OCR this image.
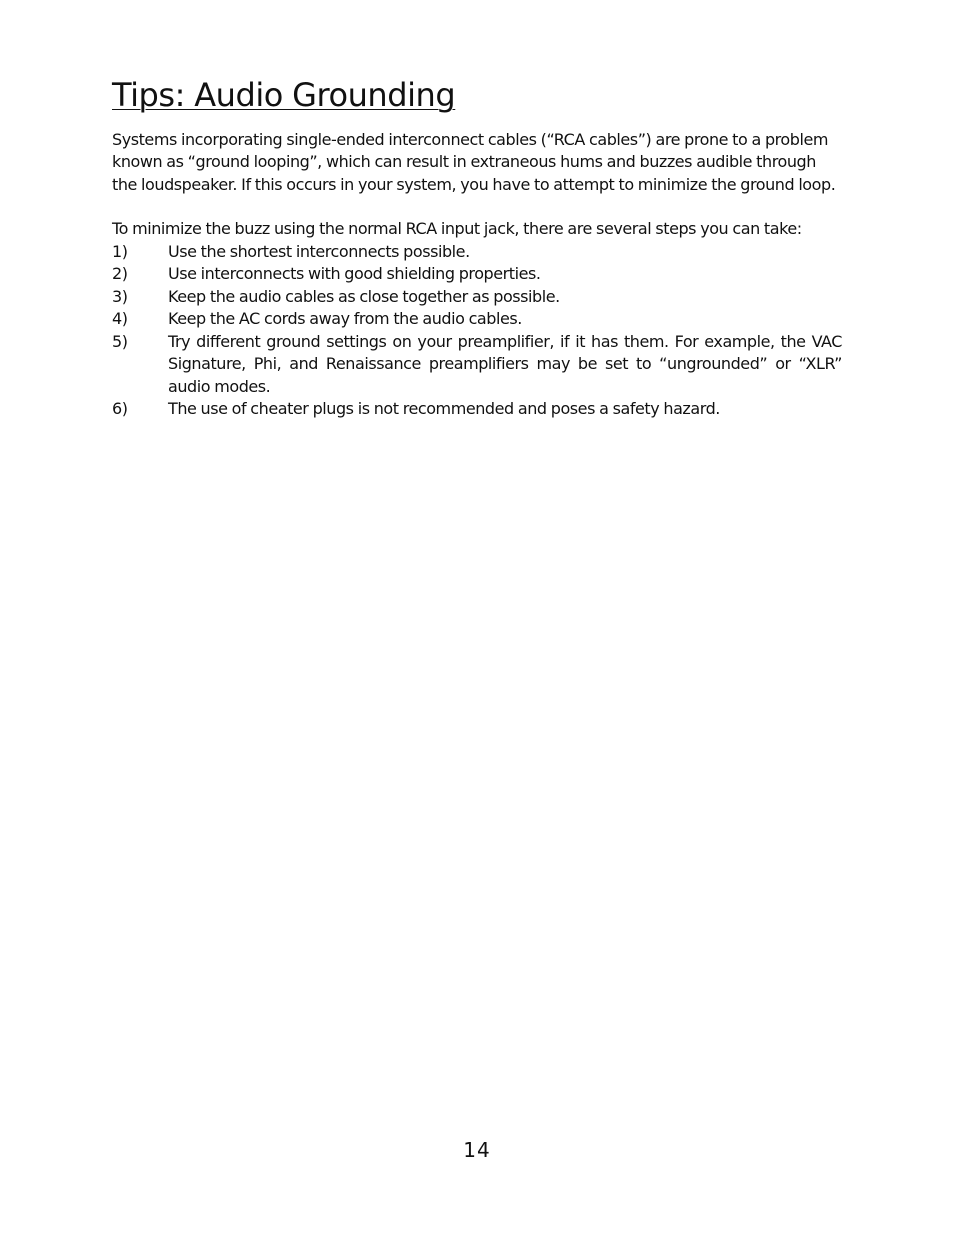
Tips: Audio Grounding

Systems incorporating single-ended interconnect cables (“RCA cables”) are prone to a problem known as “ground looping”, which can result in extraneous hums and buzzes audible through the loudspeaker. If this occurs in your system, you have to attempt to minimize the ground loop.

To minimize the buzz using the normal RCA input jack, there are several steps you can take:

1)	Use the shortest interconnects possible.
2)	Use interconnects with good shielding properties.
3)	Keep the audio cables as close together as possible.
4)	Keep the AC cords away from the audio cables.
5)	Try different ground settings on your preamplifier, if it has them. For example, the VAC Signature, Phi, and Renaissance preamplifiers may be set to “ungrounded” or “XLR” audio modes.
6)	The use of cheater plugs is not recommended and poses a safety hazard.
14
